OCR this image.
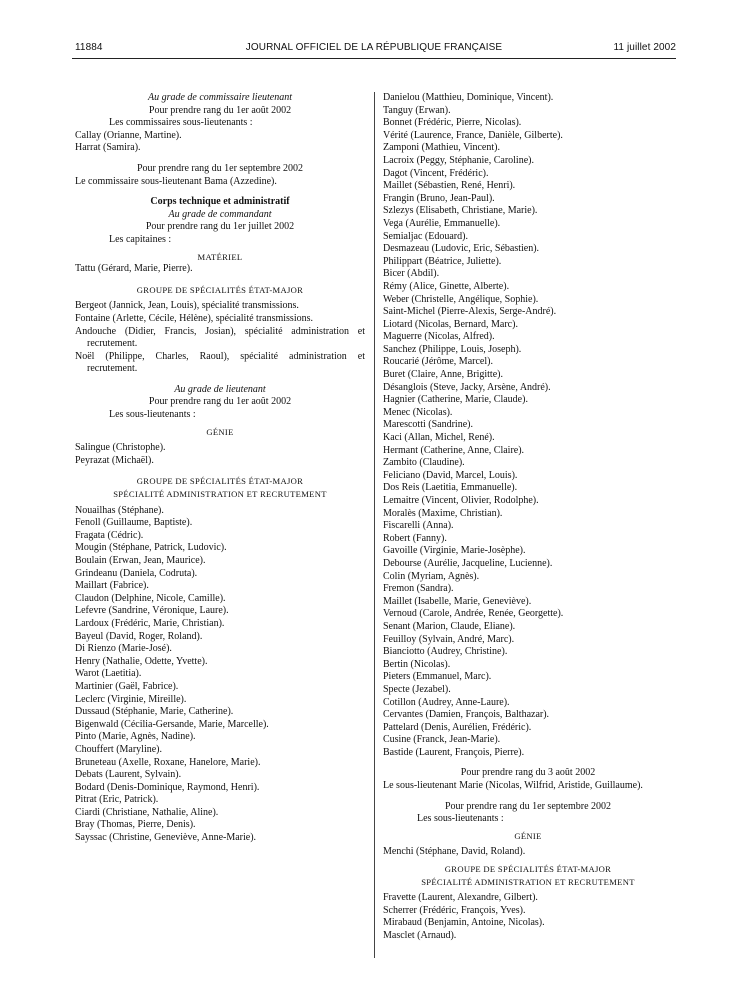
11884	JOURNAL OFFICIEL DE LA RÉPUBLIQUE FRANÇAISE	11 juillet 2002
Au grade de commissaire lieutenant
Pour prendre rang du 1er août 2002
Les commissaires sous-lieutenants :
Callay (Orianne, Martine).
Harrat (Samira).
Pour prendre rang du 1er septembre 2002
Le commissaire sous-lieutenant Bama (Azzedine).
Corps technique et administratif
Au grade de commandant
Pour prendre rang du 1er juillet 2002
Les capitaines :
MATÉRIEL
Tattu (Gérard, Marie, Pierre).
GROUPE DE SPÉCIALITÉS ÉTAT-MAJOR
Bergeot (Jannick, Jean, Louis), spécialité transmissions.
Fontaine (Arlette, Cécile, Hélène), spécialité transmissions.
Andouche (Didier, Francis, Josian), spécialité administration et recrutement.
Noël (Philippe, Charles, Raoul), spécialité administration et recrutement.
Au grade de lieutenant
Pour prendre rang du 1er août 2002
Les sous-lieutenants :
GÉNIE
Salingue (Christophe).
Peyrazat (Michaël).
GROUPE DE SPÉCIALITÉS ÉTAT-MAJOR
SPÉCIALITÉ ADMINISTRATION ET RECRUTEMENT
Nouailhas (Stéphane).
Fenoll (Guillaume, Baptiste).
Fragata (Cédric).
Mougin (Stéphane, Patrick, Ludovic).
Boulain (Erwan, Jean, Maurice).
Grindeanu (Daniela, Codruta).
Maillart (Fabrice).
Claudon (Delphine, Nicole, Camille).
Lefevre (Sandrine, Véronique, Laure).
Lardoux (Frédéric, Marie, Christian).
Bayeul (David, Roger, Roland).
Di Rienzo (Marie-José).
Henry (Nathalie, Odette, Yvette).
Warot (Laetitia).
Martinier (Gaël, Fabrice).
Leclerc (Virginie, Mireille).
Dussaud (Stéphanie, Marie, Catherine).
Bigenwald (Cécilia-Gersande, Marie, Marcelle).
Pinto (Marie, Agnès, Nadine).
Chouffert (Maryline).
Bruneteau (Axelle, Roxane, Hanelore, Marie).
Debats (Laurent, Sylvain).
Bodard (Denis-Dominique, Raymond, Henri).
Pitrat (Eric, Patrick).
Ciardi (Christiane, Nathalie, Aline).
Bray (Thomas, Pierre, Denis).
Sayssac (Christine, Geneviève, Anne-Marie).
Danielou (Matthieu, Dominique, Vincent).
Tanguy (Erwan).
Bonnet (Frédéric, Pierre, Nicolas).
Vérité (Laurence, France, Danièle, Gilberte).
Zamponi (Mathieu, Vincent).
Lacroix (Peggy, Stéphanie, Caroline).
Dagot (Vincent, Frédéric).
Maillet (Sébastien, René, Henri).
Frangin (Bruno, Jean-Paul).
Szlezys (Elisabeth, Christiane, Marie).
Vega (Aurélie, Emmanuelle).
Semialjac (Edouard).
Desmazeau (Ludovic, Eric, Sébastien).
Philippart (Béatrice, Juliette).
Bicer (Abdil).
Rémy (Alice, Ginette, Alberte).
Weber (Christelle, Angélique, Sophie).
Saint-Michel (Pierre-Alexis, Serge-André).
Liotard (Nicolas, Bernard, Marc).
Maguerre (Nicolas, Alfred).
Sanchez (Philippe, Louis, Joseph).
Roucarié (Jérôme, Marcel).
Buret (Claire, Anne, Brigitte).
Désanglois (Steve, Jacky, Arsène, André).
Hagnier (Catherine, Marie, Claude).
Menec (Nicolas).
Marescotti (Sandrine).
Kaci (Allan, Michel, René).
Hermant (Catherine, Anne, Claire).
Zambito (Claudine).
Feliciano (David, Marcel, Louis).
Dos Reis (Laetitia, Emmanuelle).
Lemaitre (Vincent, Olivier, Rodolphe).
Moralès (Maxime, Christian).
Fiscarelli (Anna).
Robert (Fanny).
Gavoille (Virginie, Marie-Josèphe).
Debourse (Aurélie, Jacqueline, Lucienne).
Colin (Myriam, Agnès).
Fremon (Sandra).
Maillet (Isabelle, Marie, Geneviève).
Vernoud (Carole, Andrée, Renée, Georgette).
Senant (Marion, Claude, Eliane).
Feuilloy (Sylvain, André, Marc).
Bianciotto (Audrey, Christine).
Bertin (Nicolas).
Pieters (Emmanuel, Marc).
Specte (Jezabel).
Cotillon (Audrey, Anne-Laure).
Cervantes (Damien, François, Balthazar).
Pattelard (Denis, Aurélien, Frédéric).
Cusine (Franck, Jean-Marie).
Bastide (Laurent, François, Pierre).
Pour prendre rang du 3 août 2002
Le sous-lieutenant Marie (Nicolas, Wilfrid, Aristide, Guillaume).
Pour prendre rang du 1er septembre 2002
Les sous-lieutenants :
GÉNIE
Menchi (Stéphane, David, Roland).
GROUPE DE SPÉCIALITÉS ÉTAT-MAJOR
SPÉCIALITÉ ADMINISTRATION ET RECRUTEMENT
Fravette (Laurent, Alexandre, Gilbert).
Scherrer (Frédéric, François, Yves).
Mirabaud (Benjamin, Antoine, Nicolas).
Masclet (Arnaud).
